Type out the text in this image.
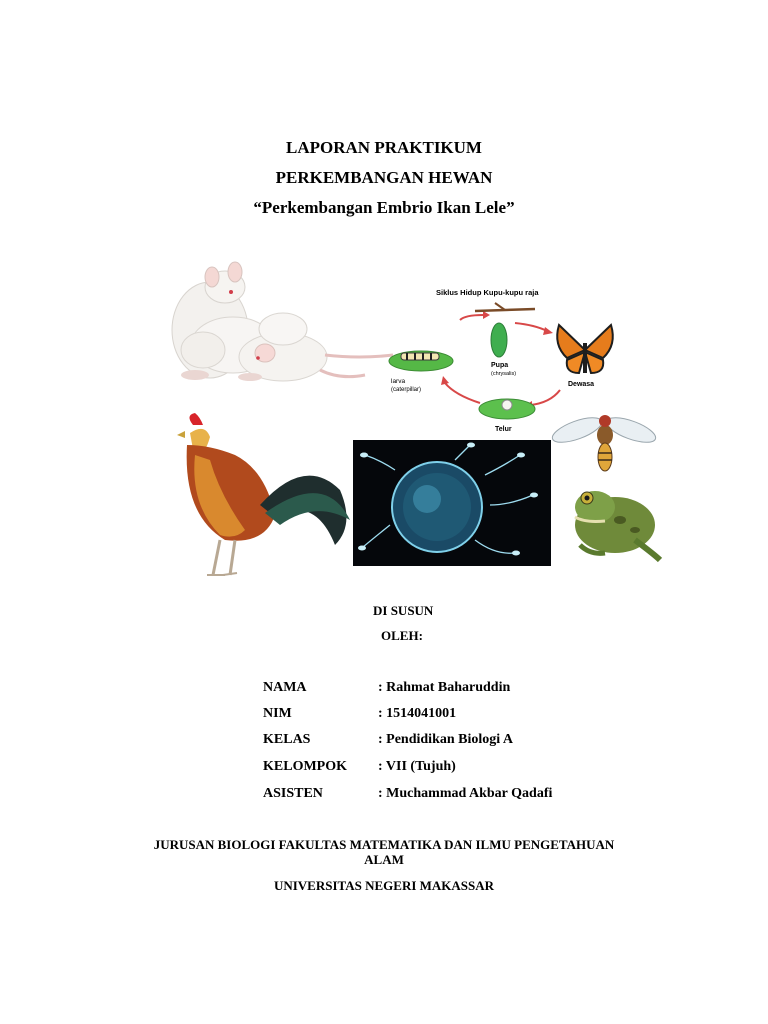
LAPORAN PRAKTIKUM
PERKEMBANGAN HEWAN
“Perkembangan Embrio Ikan Lele”
Siklus Hidup Kupu-kupu raja
Pupa
(chrysalis)
Dewasa
larva
(caterpillar)
Telur
DI SUSUN
OLEH:
NAMA	: Rahmat Baharuddin
NIM	: 1514041001
KELAS	: Pendidikan Biologi A
KELOMPOK : VII (Tujuh)
ASISTEN	: Muchammad Akbar Qadafi
JURUSAN BIOLOGI FAKULTAS MATEMATIKA DAN ILMU PENGETAHUAN
ALAM
UNIVERSITAS NEGERI MAKASSAR
